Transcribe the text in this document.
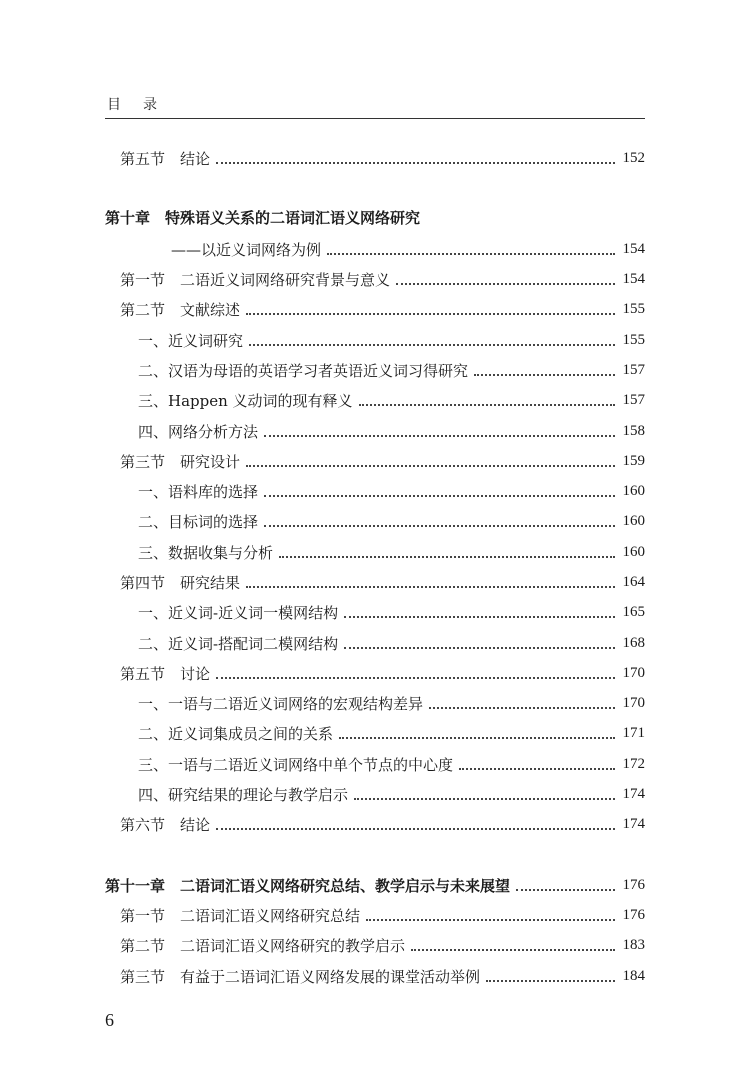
目录
第五节　结论	152
第十章　特殊语义关系的二语词汇语义网络研究
——以近义词网络为例	154
第一节　二语近义词网络研究背景与意义	154
第二节　文献综述	155
一、近义词研究	155
二、汉语为母语的英语学习者英语近义词习得研究	157
三、Happen 义动词的现有释义	157
四、网络分析方法	158
第三节　研究设计	159
一、语料库的选择	160
二、目标词的选择	160
三、数据收集与分析	160
第四节　研究结果	164
一、近义词-近义词一模网结构	165
二、近义词-搭配词二模网结构	168
第五节　讨论	170
一、一语与二语近义词网络的宏观结构差异	170
二、近义词集成员之间的关系	171
三、一语与二语近义词网络中单个节点的中心度	172
四、研究结果的理论与教学启示	174
第六节　结论	174
第十一章　二语词汇语义网络研究总结、教学启示与未来展望	176
第一节　二语词汇语义网络研究总结	176
第二节　二语词汇语义网络研究的教学启示	183
第三节　有益于二语词汇语义网络发展的课堂活动举例	184
6
